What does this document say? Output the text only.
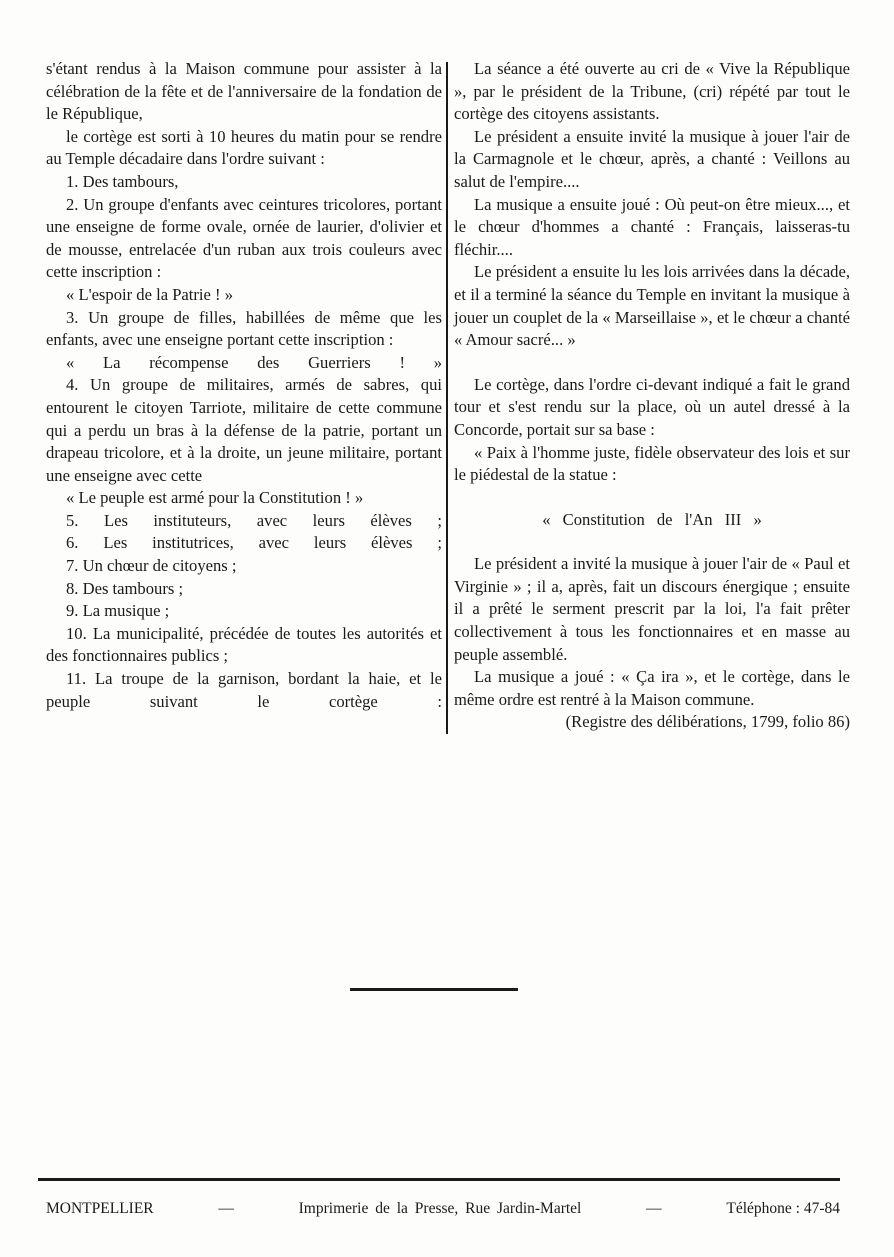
s'étant rendus à la Maison commune pour assister à la célébration de la fête et de l'anniversaire de la fondation de le République,

le cortège est sorti à 10 heures du matin pour se rendre au Temple décadaire dans l'ordre suivant :

1. Des tambours,

2. Un groupe d'enfants avec ceintures tricolores, portant une enseigne de forme ovale, ornée de laurier, d'olivier et de mousse, entrelacée d'un ruban aux trois couleurs avec cette inscription :

« L'espoir de la Patrie ! »

3. Un groupe de filles, habillées de même que les enfants, avec une enseigne portant cette inscription :

« La récompense des Guerriers ! »

4. Un groupe de militaires, armés de sabres, qui entourent le citoyen Tarriote, militaire de cette commune qui a perdu un bras à la défense de la patrie, portant un drapeau tricolore, et à la droite, un jeune militaire, portant une enseigne avec cette

« Le peuple est armé pour la Constitution ! »

5. Les instituteurs, avec leurs élèves ;

6. Les institutrices, avec leurs élèves ;

7. Un chœur de citoyens ;

8. Des tambours ;

9. La musique ;

10. La municipalité, précédée de toutes les autorités et des fonctionnaires publics ;

11. La troupe de la garnison, bordant la haie, et le peuple suivant le cortège :

La séance a été ouverte au cri de « Vive la République », par le président de la Tribune, (cri) répété par tout le cortège des citoyens assistants.

Le président a ensuite invité la musique à jouer l'air de la Carmagnole et le chœur, après, a chanté : Veillons au salut de l'empire....

La musique a ensuite joué : Où peut-on être mieux..., et le chœur d'hommes a chanté : Français, laisseras-tu fléchir....

Le président a ensuite lu les lois arrivées dans la décade, et il a terminé la séance du Temple en invitant la musique à jouer un couplet de la « Marseillaise », et le chœur a chanté « Amour sacré... »

Le cortège, dans l'ordre ci-devant indiqué a fait le grand tour et s'est rendu sur la place, où un autel dressé à la Concorde, portait sur sa base :

« Paix à l'homme juste, fidèle observateur des lois et sur le piédestal de la statue :

« Constitution de l'An III »

Le président a invité la musique à jouer l'air de « Paul et Virginie » ; il a, après, fait un discours énergique ; ensuite il a prêté le serment prescrit par la loi, l'a fait prêter collectivement à tous les fonctionnaires et en masse au peuple assemblé.

La musique a joué : « Ça ira », et le cortège, dans le même ordre est rentré à la Maison commune.

(Registre des délibérations, 1799, folio 86)

MONTPELLIER	—	Imprimerie de la Presse, Rue Jardin-Martel	—	Téléphone : 47-84
